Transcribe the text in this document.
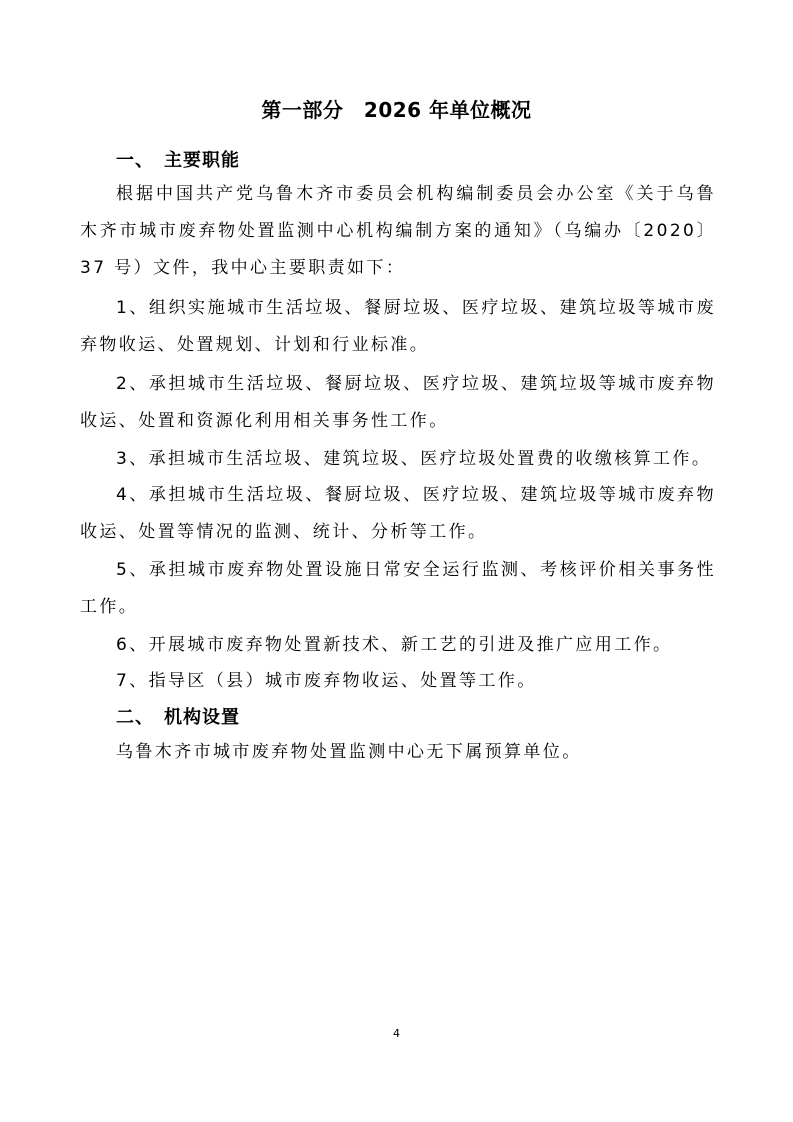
第一部分　2026 年单位概况
一、　主要职能

根据中国共产党乌鲁木齐市委员会机构编制委员会办公室《关于乌鲁木齐市城市废弃物处置监测中心机构编制方案的通知》（乌编办〔2020〕37 号）文件，我中心主要职责如下：

1、组织实施城市生活垃圾、餐厨垃圾、医疗垃圾、建筑垃圾等城市废弃物收运、处置规划、计划和行业标准。

2、承担城市生活垃圾、餐厨垃圾、医疗垃圾、建筑垃圾等城市废弃物收运、处置和资源化利用相关事务性工作。

3、承担城市生活垃圾、建筑垃圾、医疗垃圾处置费的收缴核算工作。

4、承担城市生活垃圾、餐厨垃圾、医疗垃圾、建筑垃圾等城市废弃物收运、处置等情况的监测、统计、分析等工作。

5、承担城市废弃物处置设施日常安全运行监测、考核评价相关事务性工作。

6、开展城市废弃物处置新技术、新工艺的引进及推广应用工作。

7、指导区（县）城市废弃物收运、处置等工作。

二、　机构设置

乌鲁木齐市城市废弃物处置监测中心无下属预算单位。

4
